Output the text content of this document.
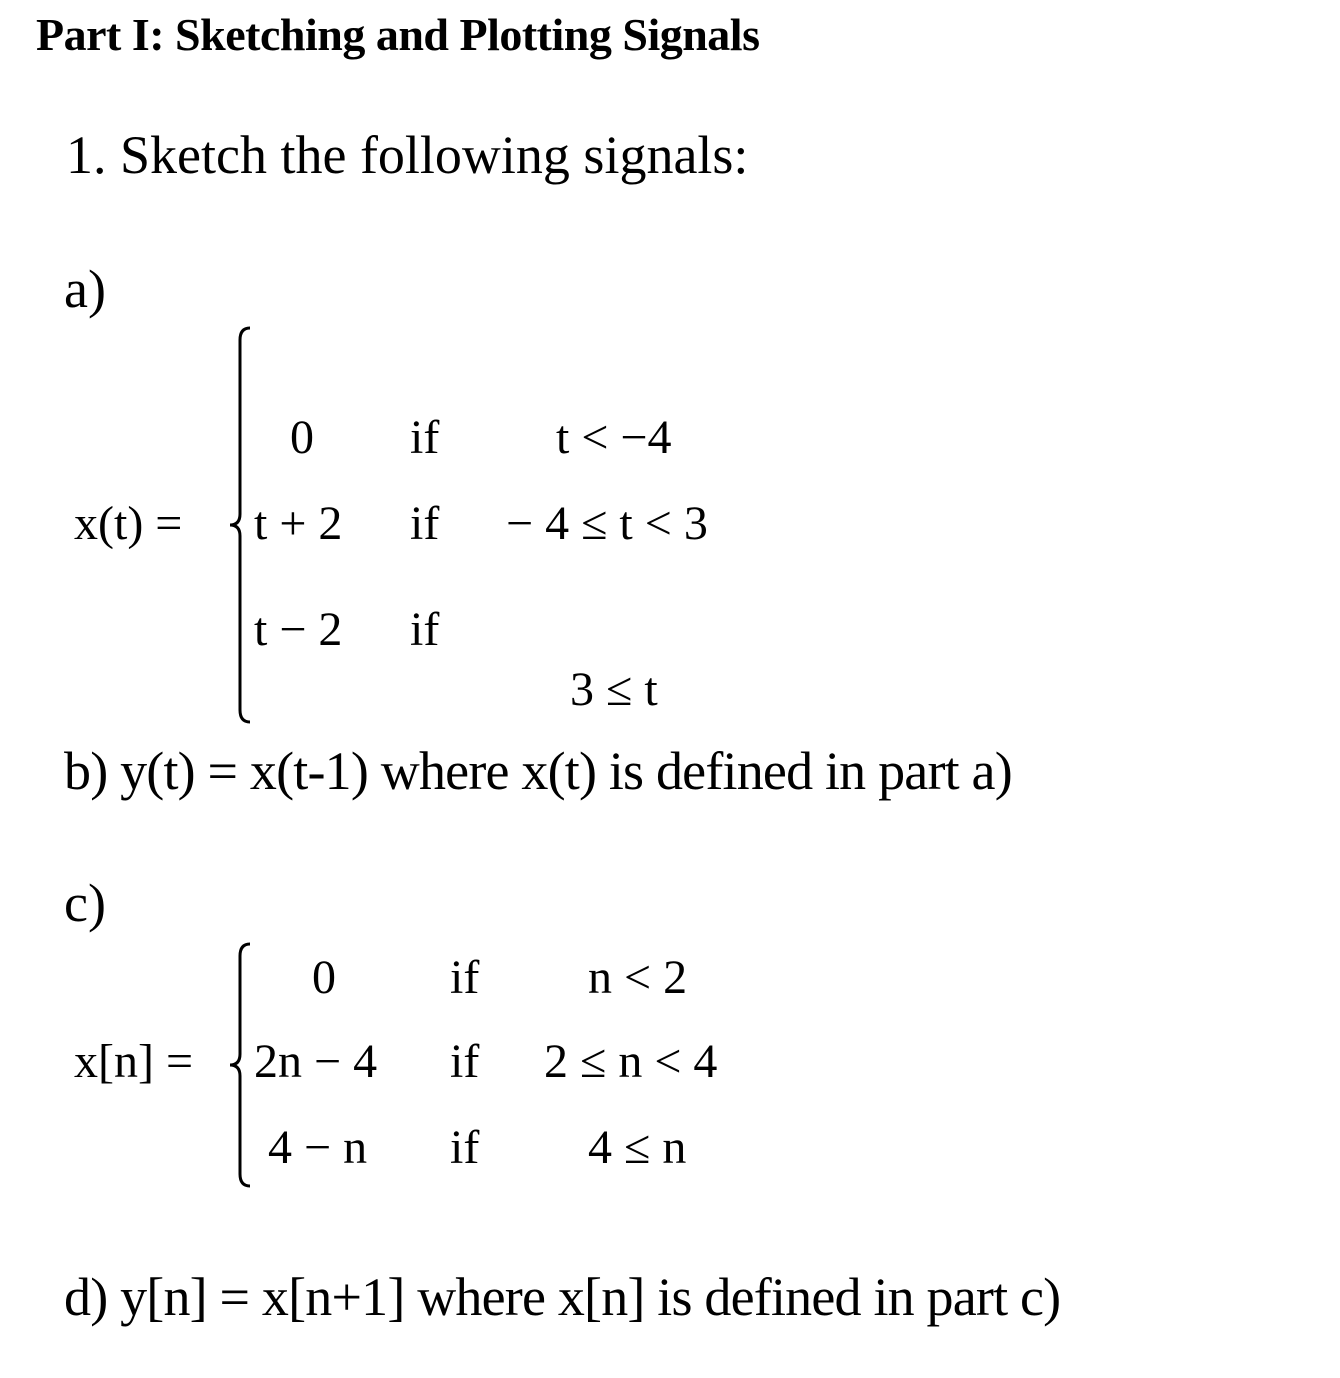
Part I: Sketching and Plotting Signals
1. Sketch the following signals:
a)
x(t) =
0 if t < −4
t + 2 if − 4 ≤ t < 3
t − 2 if
3 ≤ t
b) y(t) = x(t-1) where x(t) is defined in part a)
c)
x[n] =
0 if n < 2
2n − 4 if 2 ≤ n < 4
4 − n if 4 ≤ n
d) y[n] = x[n+1] where x[n] is defined in part c)
